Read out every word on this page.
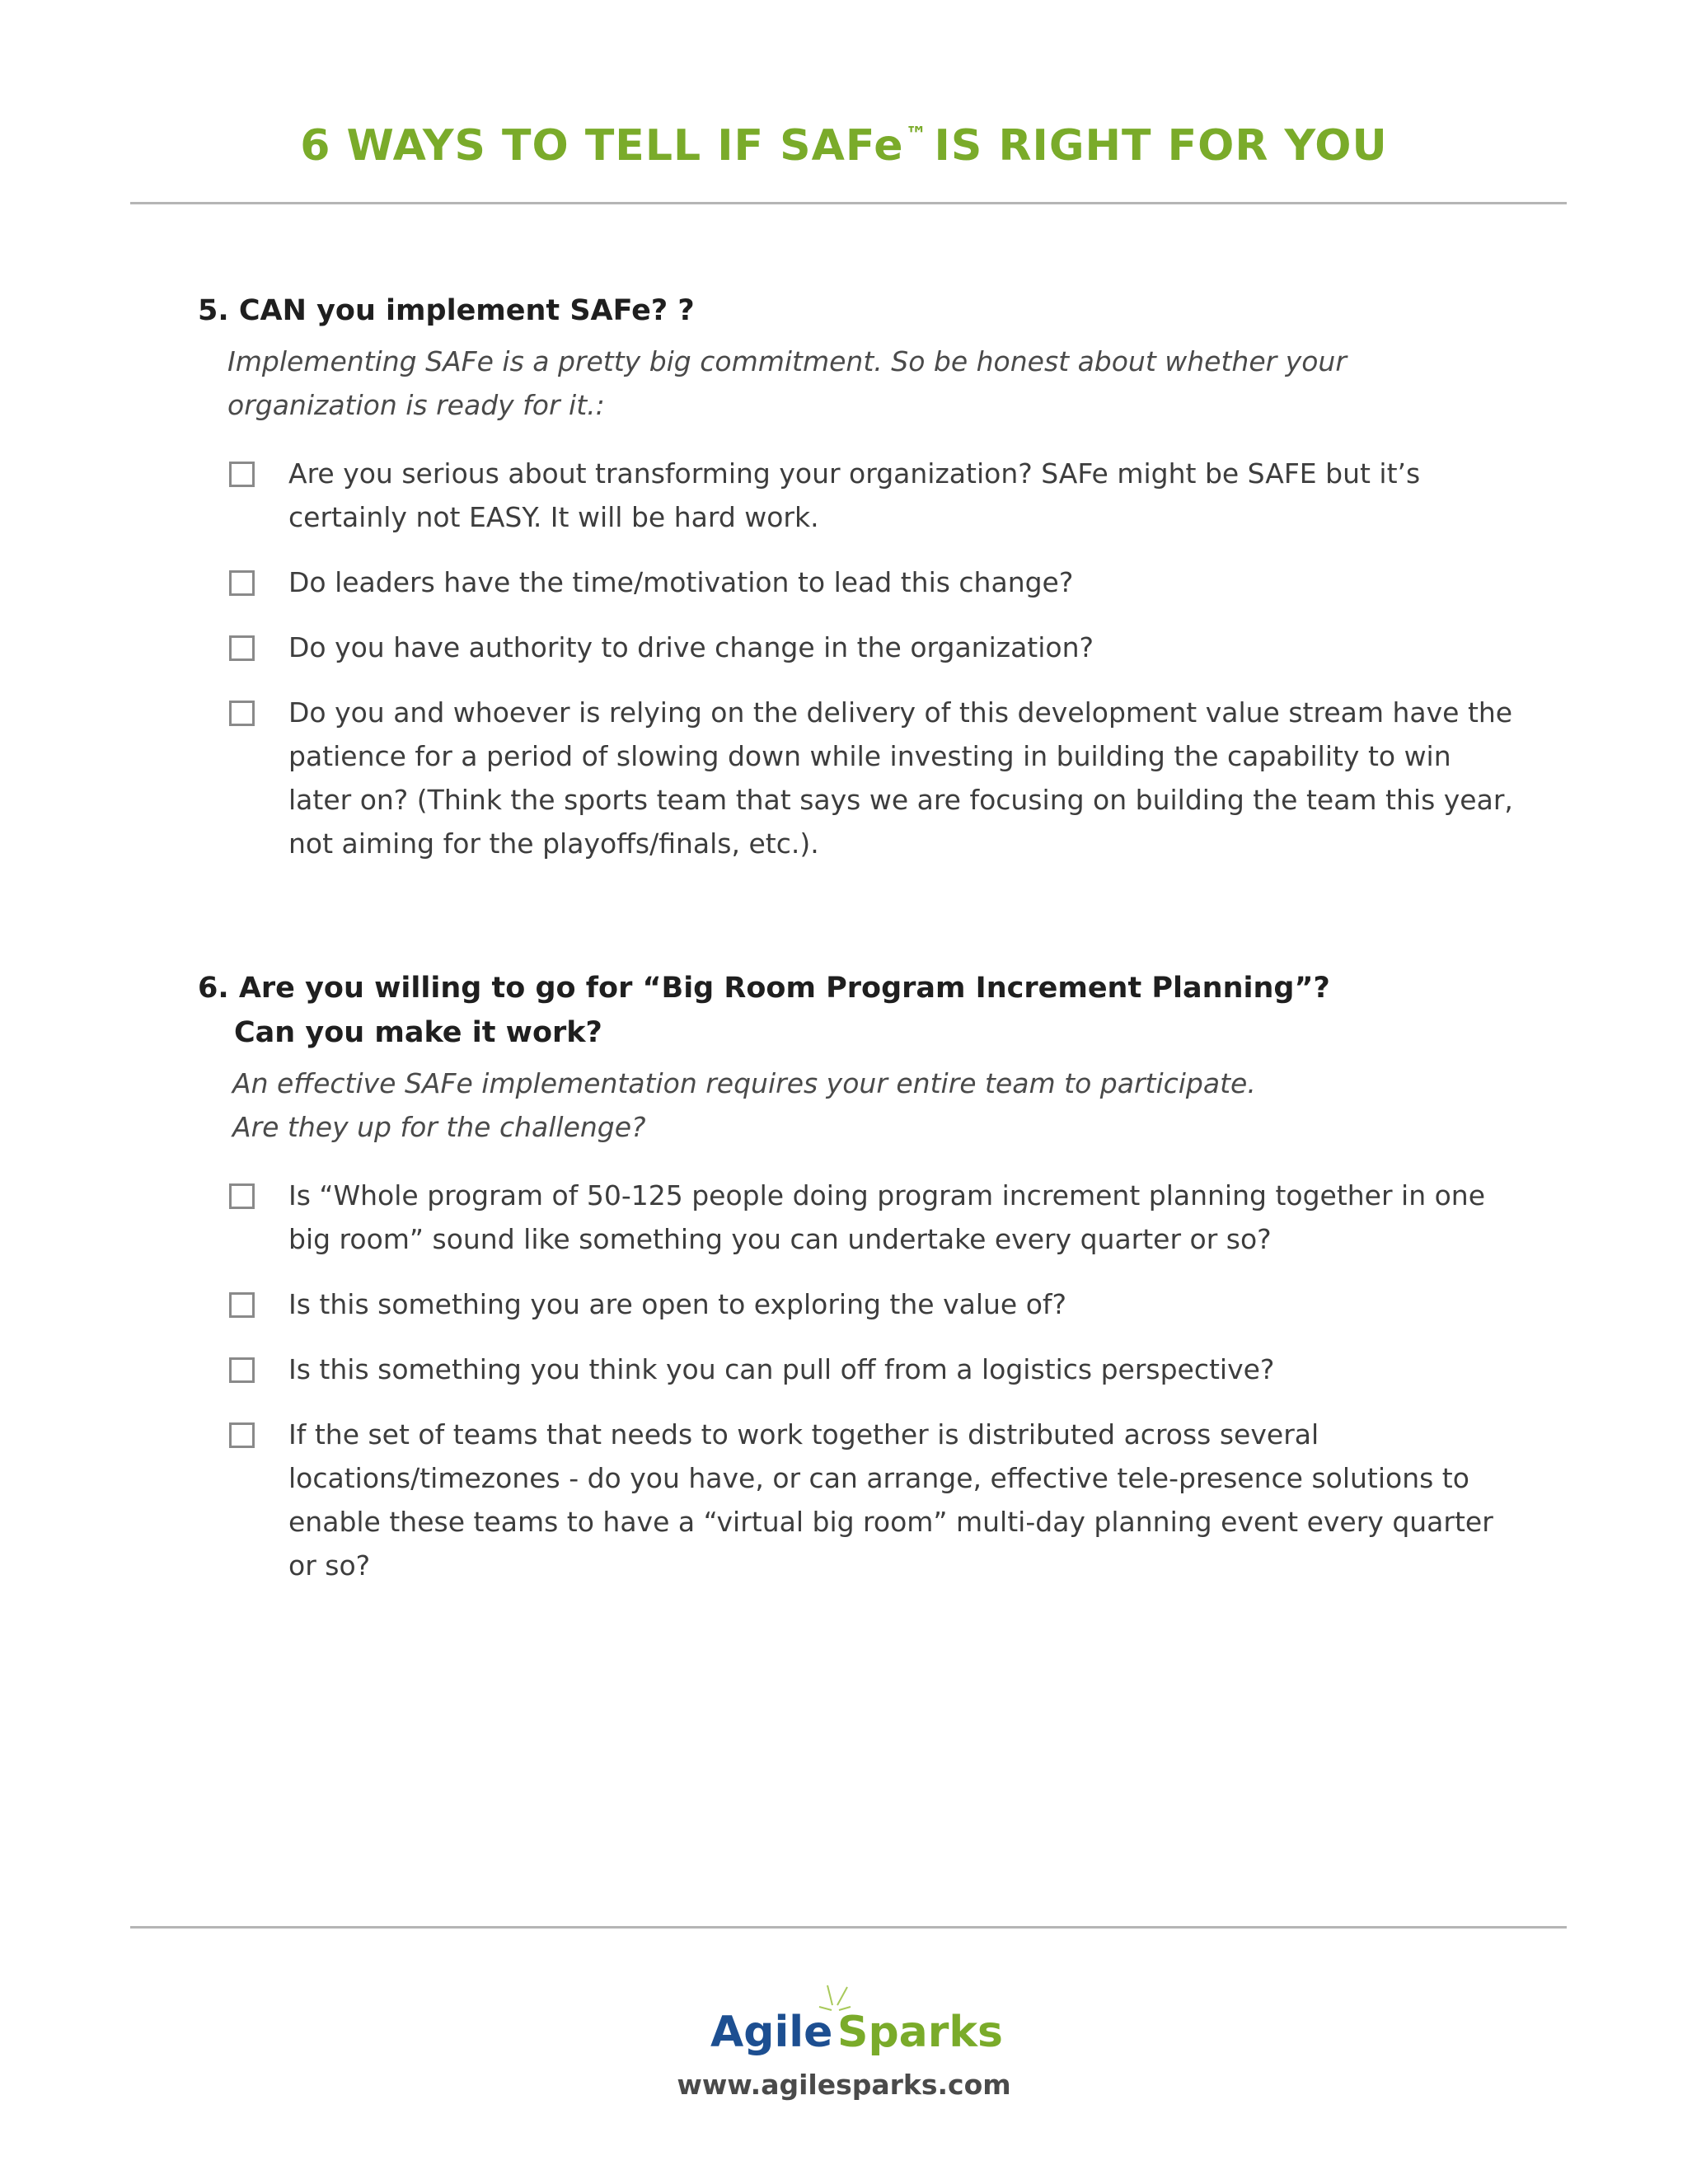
6 WAYS TO TELL IF SAFe™ IS RIGHT FOR YOU
5. CAN you implement SAFe? ?

Implementing SAFe is a pretty big commitment. So be honest about whether your
organization is ready for it.:

Are you serious about transforming your organization? SAFe might be SAFE but it’s
certainly not EASY. It will be hard work.
Do leaders have the time/motivation to lead this change?
Do you have authority to drive change in the organization?
Do you and whoever is relying on the delivery of this development value stream have the
patience for a period of slowing down while investing in building the capability to win
later on? (Think the sports team that says we are focusing on building the team this year,
not aiming for the playoffs/finals, etc.).
6. Are you willing to go for “Big Room Program Increment Planning”?
Can you make it work?

An effective SAFe implementation requires your entire team to participate.
Are they up for the challenge?

Is “Whole program of 50-125 people doing program increment planning together in one
big room” sound like something you can undertake every quarter or so?
Is this something you are open to exploring the value of?
Is this something you think you can pull off from a logistics perspective?
If the set of teams that needs to work together is distributed across several
locations/timezones - do you have, or can arrange, effective tele-presence solutions to
enable these teams to have a “virtual big room” multi-day planning event every quarter
or so?
Agile Sparks
www.agilesparks.com
